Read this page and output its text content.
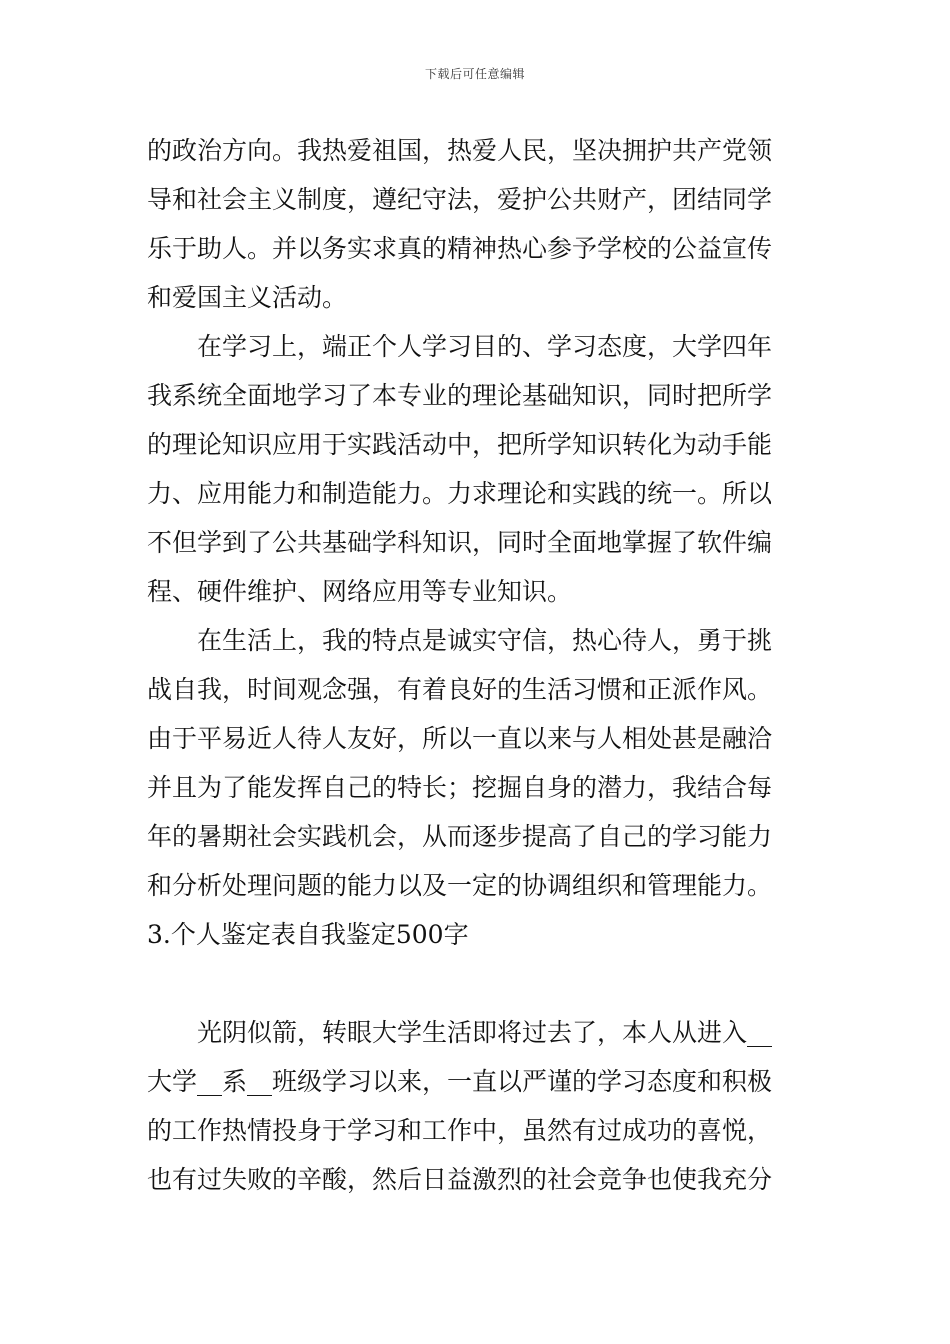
下载后可任意编辑
的政治方向。我热爱祖国，热爱人民，坚决拥护共产党领
导和社会主义制度，遵纪守法，爱护公共财产，团结同学
乐于助人。并以务实求真的精神热心参予学校的公益宣传
和爱国主义活动。
在学习上，端正个人学习目的、学习态度，大学四年
我系统全面地学习了本专业的理论基础知识，同时把所学
的理论知识应用于实践活动中，把所学知识转化为动手能
力、应用能力和制造能力。力求理论和实践的统一。所以
不但学到了公共基础学科知识，同时全面地掌握了软件编
程、硬件维护、网络应用等专业知识。
在生活上，我的特点是诚实守信，热心待人，勇于挑
战自我，时间观念强，有着良好的生活习惯和正派作风。
由于平易近人待人友好，所以一直以来与人相处甚是融洽
并且为了能发挥自己的特长；挖掘自身的潜力，我结合每
年的暑期社会实践机会，从而逐步提高了自己的学习能力
和分析处理问题的能力以及一定的协调组织和管理能力。
3.个人鉴定表自我鉴定500字
光阴似箭，转眼大学生活即将过去了，本人从进入__
大学__系__班级学习以来，一直以严谨的学习态度和积极
的工作热情投身于学习和工作中，虽然有过成功的喜悦，
也有过失败的辛酸，然后日益激烈的社会竞争也使我充分
